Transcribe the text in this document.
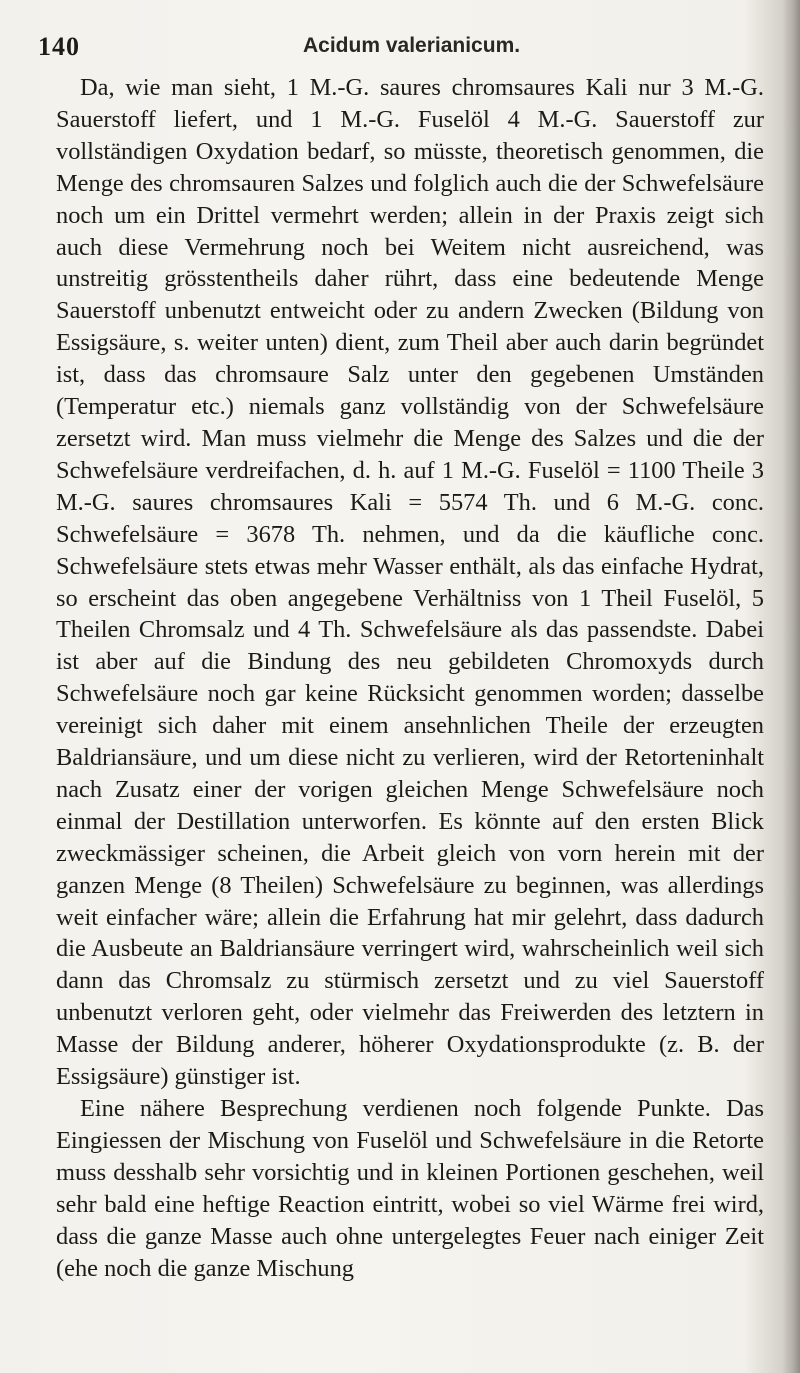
140	Acidum valerianicum.

Da, wie man sieht, 1 M.-G. saures chromsaures Kali nur 3 M.-G. Sauerstoff liefert, und 1 M.-G. Fuselöl 4 M.-G. Sauerstoff zur vollständigen Oxydation bedarf, so müsste, theoretisch genommen, die Menge des chromsauren Salzes und folglich auch die der Schwefelsäure noch um ein Drittel vermehrt werden; allein in der Praxis zeigt sich auch diese Vermehrung noch bei Weitem nicht ausreichend, was unstreitig grösstentheils daher rührt, dass eine bedeutende Menge Sauerstoff unbenutzt entweicht oder zu andern Zwecken (Bildung von Essigsäure, s. weiter unten) dient, zum Theil aber auch darin begründet ist, dass das chromsaure Salz unter den gegebenen Umständen (Temperatur etc.) niemals ganz vollständig von der Schwefelsäure zersetzt wird. Man muss vielmehr die Menge des Salzes und die der Schwefelsäure verdreifachen, d. h. auf 1 M.-G. Fuselöl = 1100 Theile 3 M.-G. saures chromsaures Kali = 5574 Th. und 6 M.-G. conc. Schwefelsäure = 3678 Th. nehmen, und da die käufliche conc. Schwefelsäure stets etwas mehr Wasser enthält, als das einfache Hydrat, so erscheint das oben angegebene Verhältniss von 1 Theil Fuselöl, 5 Theilen Chromsalz und 4 Th. Schwefelsäure als das passendste. Dabei ist aber auf die Bindung des neu gebildeten Chromoxyds durch Schwefelsäure noch gar keine Rücksicht genommen worden; dasselbe vereinigt sich daher mit einem ansehnlichen Theile der erzeugten Baldriansäure, und um diese nicht zu verlieren, wird der Retorteninhalt nach Zusatz einer der vorigen gleichen Menge Schwefelsäure noch einmal der Destillation unterworfen. Es könnte auf den ersten Blick zweckmässiger scheinen, die Arbeit gleich von vorn herein mit der ganzen Menge (8 Theilen) Schwefelsäure zu beginnen, was allerdings weit einfacher wäre; allein die Erfahrung hat mir gelehrt, dass dadurch die Ausbeute an Baldriansäure verringert wird, wahrscheinlich weil sich dann das Chromsalz zu stürmisch zersetzt und zu viel Sauerstoff unbenutzt verloren geht, oder vielmehr das Freiwerden des letztern in Masse der Bildung anderer, höherer Oxydationsprodukte (z. B. der Essigsäure) günstiger ist.

Eine nähere Besprechung verdienen noch folgende Punkte. Das Eingiessen der Mischung von Fuselöl und Schwefelsäure in die Retorte muss desshalb sehr vorsichtig und in kleinen Portionen geschehen, weil sehr bald eine heftige Reaction eintritt, wobei so viel Wärme frei wird, dass die ganze Masse auch ohne untergelegtes Feuer nach einiger Zeit (ehe noch die ganze Mischung
